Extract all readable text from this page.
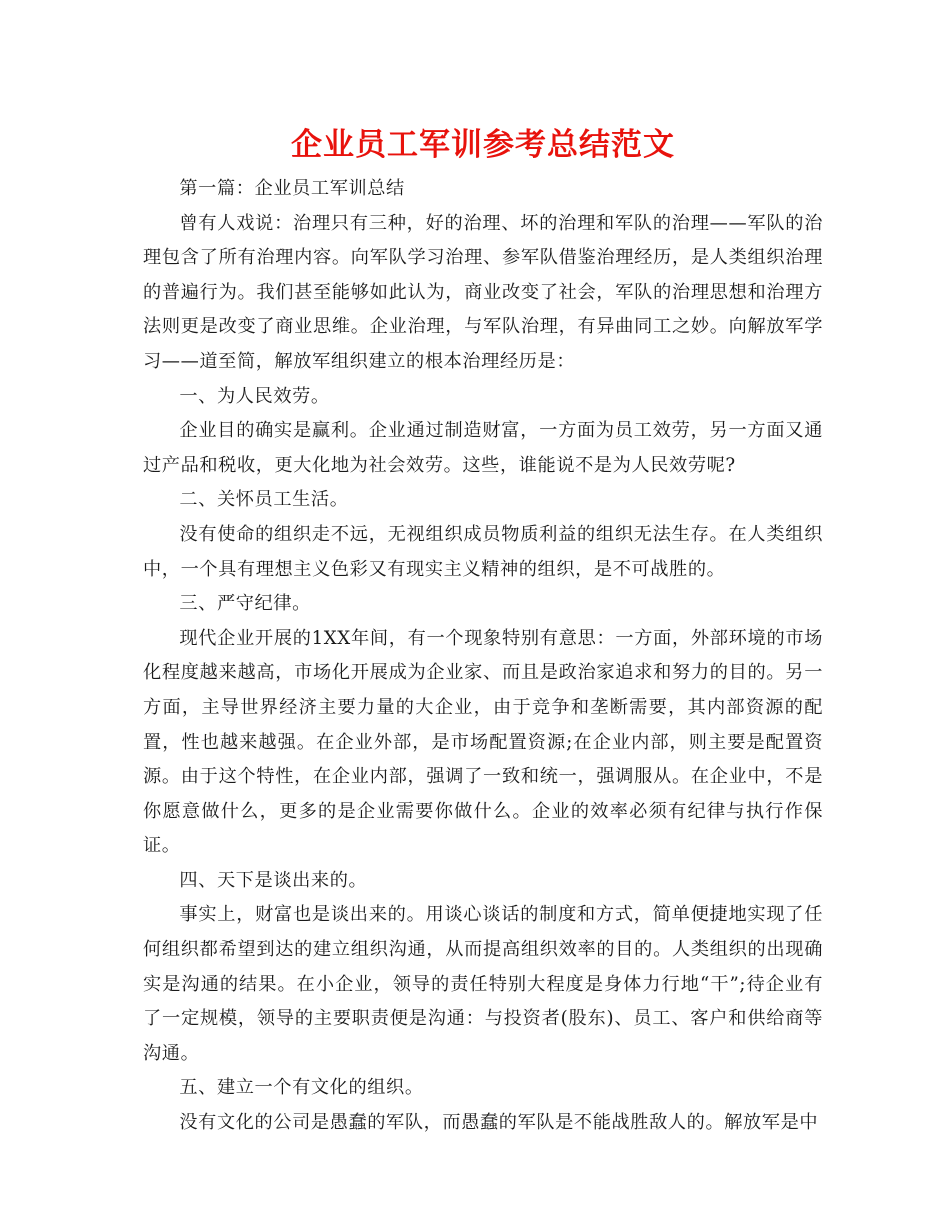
企业员工军训参考总结范文

第一篇：企业员工军训总结

曾有人戏说：治理只有三种，好的治理、坏的治理和军队的治理——军队的治理包含了所有治理内容。向军队学习治理、参军队借鉴治理经历，是人类组织治理的普遍行为。我们甚至能够如此认为，商业改变了社会，军队的治理思想和治理方法则更是改变了商业思维。企业治理，与军队治理，有异曲同工之妙。向解放军学习——道至简，解放军组织建立的根本治理经历是：

一、为人民效劳。

企业目的确实是赢利。企业通过制造财富，一方面为员工效劳，另一方面又通过产品和税收，更大化地为社会效劳。这些，谁能说不是为人民效劳呢?

二、关怀员工生活。

没有使命的组织走不远，无视组织成员物质利益的组织无法生存。在人类组织中，一个具有理想主义色彩又有现实主义精神的组织，是不可战胜的。

三、严守纪律。

现代企业开展的1XX年间，有一个现象特别有意思：一方面，外部环境的市场化程度越来越高，市场化开展成为企业家、而且是政治家追求和努力的目的。另一方面，主导世界经济主要力量的大企业，由于竞争和垄断需要，其内部资源的配置，性也越来越强。在企业外部，是市场配置资源;在企业内部，则主要是配置资源。由于这个特性，在企业内部，强调了一致和统一，强调服从。在企业中，不是你愿意做什么，更多的是企业需要你做什么。企业的效率必须有纪律与执行作保证。

四、天下是谈出来的。

事实上，财富也是谈出来的。用谈心谈话的制度和方式，简单便捷地实现了任何组织都希望到达的建立组织沟通，从而提高组织效率的目的。人类组织的出现确实是沟通的结果。在小企业，领导的责任特别大程度是身体力行地“干”;待企业有了一定规模，领导的主要职责便是沟通：与投资者(股东)、员工、客户和供给商等沟通。

五、建立一个有文化的组织。

没有文化的公司是愚蠢的军队，而愚蠢的军队是不能战胜敌人的。解放军是中
